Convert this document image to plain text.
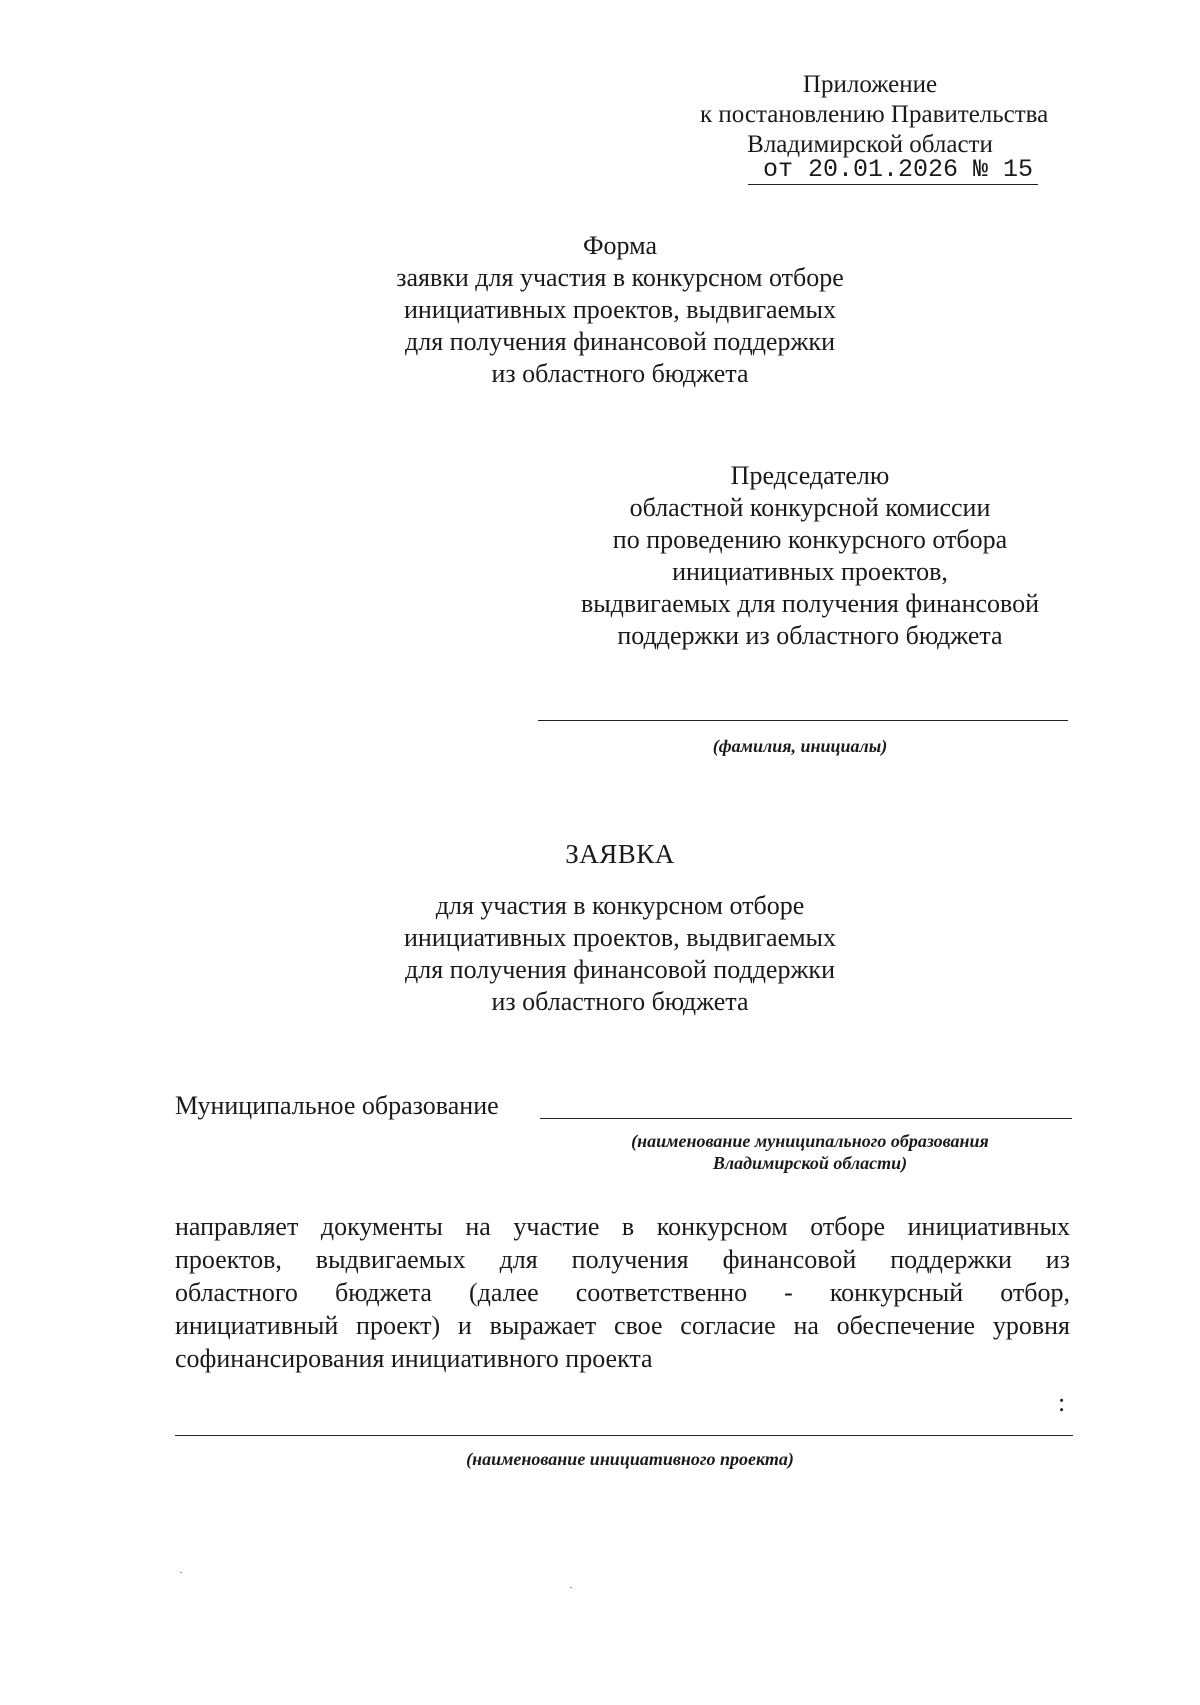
Приложение
к постановлению Правительства
Владимирской области
от 20.01.2026 № 15
Форма
заявки для участия в конкурсном отборе
инициативных проектов, выдвигаемых
для получения финансовой поддержки
из областного бюджета
Председателю
областной конкурсной комиссии
по проведению конкурсного отбора
инициативных проектов,
выдвигаемых для получения финансовой
поддержки из областного бюджета
(фамилия, инициалы)
ЗАЯВКА
для участия в конкурсном отборе
инициативных проектов, выдвигаемых
для получения финансовой поддержки
из областного бюджета
Муниципальное образование
(наименование муниципального образования
Владимирской области)
направляет документы на участие в конкурсном отборе инициативных
проектов, выдвигаемых для получения финансовой поддержки из
областного бюджета (далее соответственно - конкурсный отбор,
инициативный проект) и выражает свое согласие на обеспечение уровня
софинансирования инициативного проекта
:
(наименование инициативного проекта)
